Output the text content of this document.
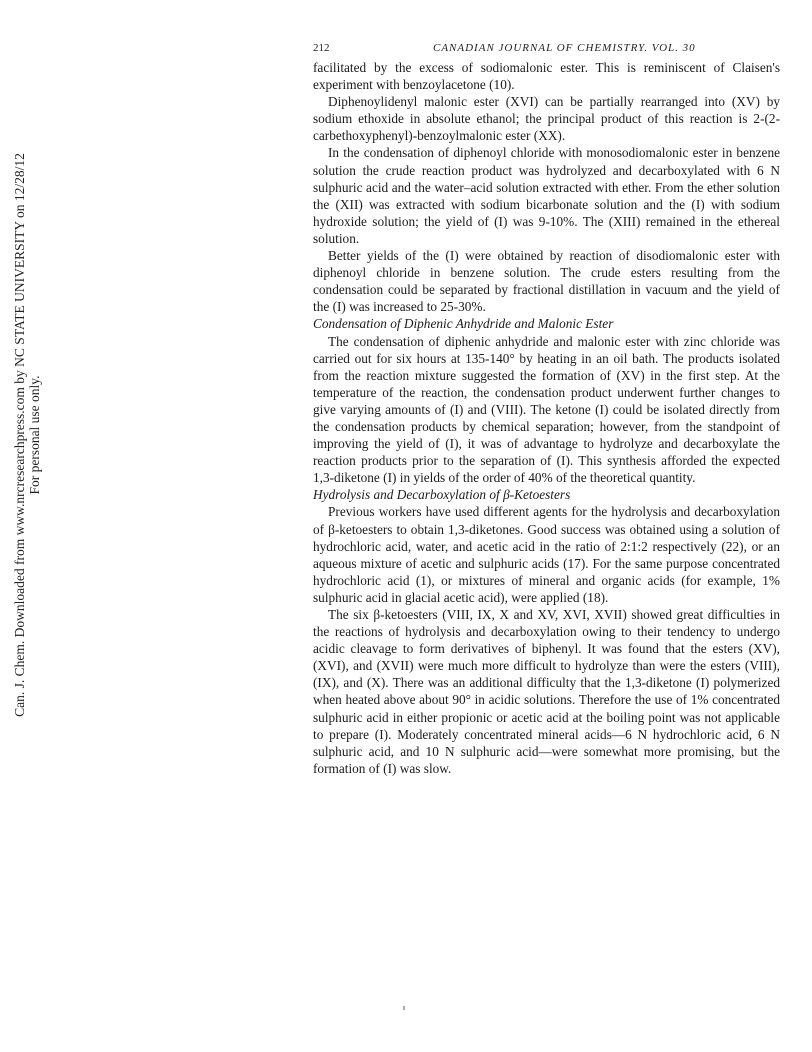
Can. J. Chem. Downloaded from www.nrcresearchpress.com by NC STATE UNIVERSITY on 12/28/12 For personal use only.
212	CANADIAN JOURNAL OF CHEMISTRY. VOL. 30

facilitated by the excess of sodiomalonic ester. This is reminiscent of Claisen's experiment with benzoylacetone (10).

Diphenoylidenyl malonic ester (XVI) can be partially rearranged into (XV) by sodium ethoxide in absolute ethanol; the principal product of this reaction is 2-(2-carbethoxyphenyl)-benzoylmalonic ester (XX).

In the condensation of diphenoyl chloride with monosodiomalonic ester in benzene solution the crude reaction product was hydrolyzed and decarboxylated with 6 N sulphuric acid and the water–acid solution extracted with ether. From the ether solution the (XII) was extracted with sodium bicarbonate solution and the (I) with sodium hydroxide solution; the yield of (I) was 9-10%. The (XIII) remained in the ethereal solution.

Better yields of the (I) were obtained by reaction of disodiomalonic ester with diphenoyl chloride in benzene solution. The crude esters resulting from the condensation could be separated by fractional distillation in vacuum and the yield of the (I) was increased to 25-30%.

Condensation of Diphenic Anhydride and Malonic Ester

The condensation of diphenic anhydride and malonic ester with zinc chloride was carried out for six hours at 135-140° by heating in an oil bath. The products isolated from the reaction mixture suggested the formation of (XV) in the first step. At the temperature of the reaction, the condensation product underwent further changes to give varying amounts of (I) and (VIII). The ketone (I) could be isolated directly from the condensation products by chemical separation; however, from the standpoint of improving the yield of (I), it was of advantage to hydrolyze and decarboxylate the reaction products prior to the separation of (I). This synthesis afforded the expected 1,3-diketone (I) in yields of the order of 40% of the theoretical quantity.

Hydrolysis and Decarboxylation of β-Ketoesters

Previous workers have used different agents for the hydrolysis and decarboxylation of β-ketoesters to obtain 1,3-diketones. Good success was obtained using a solution of hydrochloric acid, water, and acetic acid in the ratio of 2:1:2 respectively (22), or an aqueous mixture of acetic and sulphuric acids (17). For the same purpose concentrated hydrochloric acid (1), or mixtures of mineral and organic acids (for example, 1% sulphuric acid in glacial acetic acid), were applied (18).

The six β-ketoesters (VIII, IX, X and XV, XVI, XVII) showed great difficulties in the reactions of hydrolysis and decarboxylation owing to their tendency to undergo acidic cleavage to form derivatives of biphenyl. It was found that the esters (XV), (XVI), and (XVII) were much more difficult to hydrolyze than were the esters (VIII), (IX), and (X). There was an additional difficulty that the 1,3-diketone (I) polymerized when heated above about 90° in acidic solutions. Therefore the use of 1% concentrated sulphuric acid in either propionic or acetic acid at the boiling point was not applicable to prepare (I). Moderately concentrated mineral acids—6 N hydrochloric acid, 6 N sulphuric acid, and 10 N sulphuric acid—were somewhat more promising, but the formation of (I) was slow.
